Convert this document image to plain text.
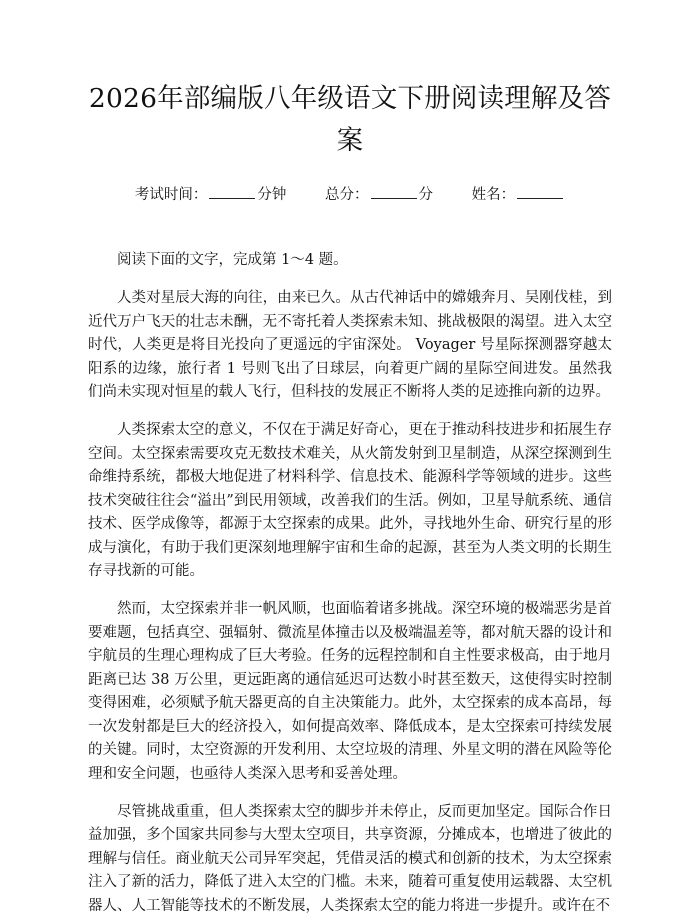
2026年部编版八年级语文下册阅读理解及答案
考试时间：	分钟	总分：	分	姓名：

阅读下面的文字，完成第 1～4 题。

人类对星辰大海的向往，由来已久。从古代神话中的嫦娥奔月、吴刚伐桂，到近代万户飞天的壮志未酬，无不寄托着人类探索未知、挑战极限的渴望。进入太空时代，人类更是将目光投向了更遥远的宇宙深处。 Voyager 号星际探测器穿越太阳系的边缘，旅行者 1 号则飞出了日球层，向着更广阔的星际空间进发。虽然我们尚未实现对恒星的载人飞行，但科技的发展正不断将人类的足迹推向新的边界。

人类探索太空的意义，不仅在于满足好奇心，更在于推动科技进步和拓展生存空间。太空探索需要攻克无数技术难关，从火箭发射到卫星制造，从深空探测到生命维持系统，都极大地促进了材料科学、信息技术、能源科学等领域的进步。这些技术突破往往会“溢出”到民用领域，改善我们的生活。例如，卫星导航系统、通信技术、医学成像等，都源于太空探索的成果。此外，寻找地外生命、研究行星的形成与演化，有助于我们更深刻地理解宇宙和生命的起源，甚至为人类文明的长期生存寻找新的可能。

然而，太空探索并非一帆风顺，也面临着诸多挑战。深空环境的极端恶劣是首要难题，包括真空、强辐射、微流星体撞击以及极端温差等，都对航天器的设计和宇航员的生理心理构成了巨大考验。任务的远程控制和自主性要求极高，由于地月距离已达 38 万公里，更远距离的通信延迟可达数小时甚至数天，这使得实时控制变得困难，必须赋予航天器更高的自主决策能力。此外，太空探索的成本高昂，每一次发射都是巨大的经济投入，如何提高效率、降低成本，是太空探索可持续发展的关键。同时，太空资源的开发利用、太空垃圾的清理、外星文明的潜在风险等伦理和安全问题，也亟待人类深入思考和妥善处理。

尽管挑战重重，但人类探索太空的脚步并未停止，反而更加坚定。国际合作日益加强，多个国家共同参与大型太空项目，共享资源，分摊成本，也增进了彼此的理解与信任。商业航天公司异军突起，凭借灵活的模式和创新的技术，为太空探索注入了新的活力，降低了进入太空的门槛。未来，随着可重复使用运载器、太空机器人、人工智能等技术的不断发展，人类探索太空的能力将进一步提升。或许在不
